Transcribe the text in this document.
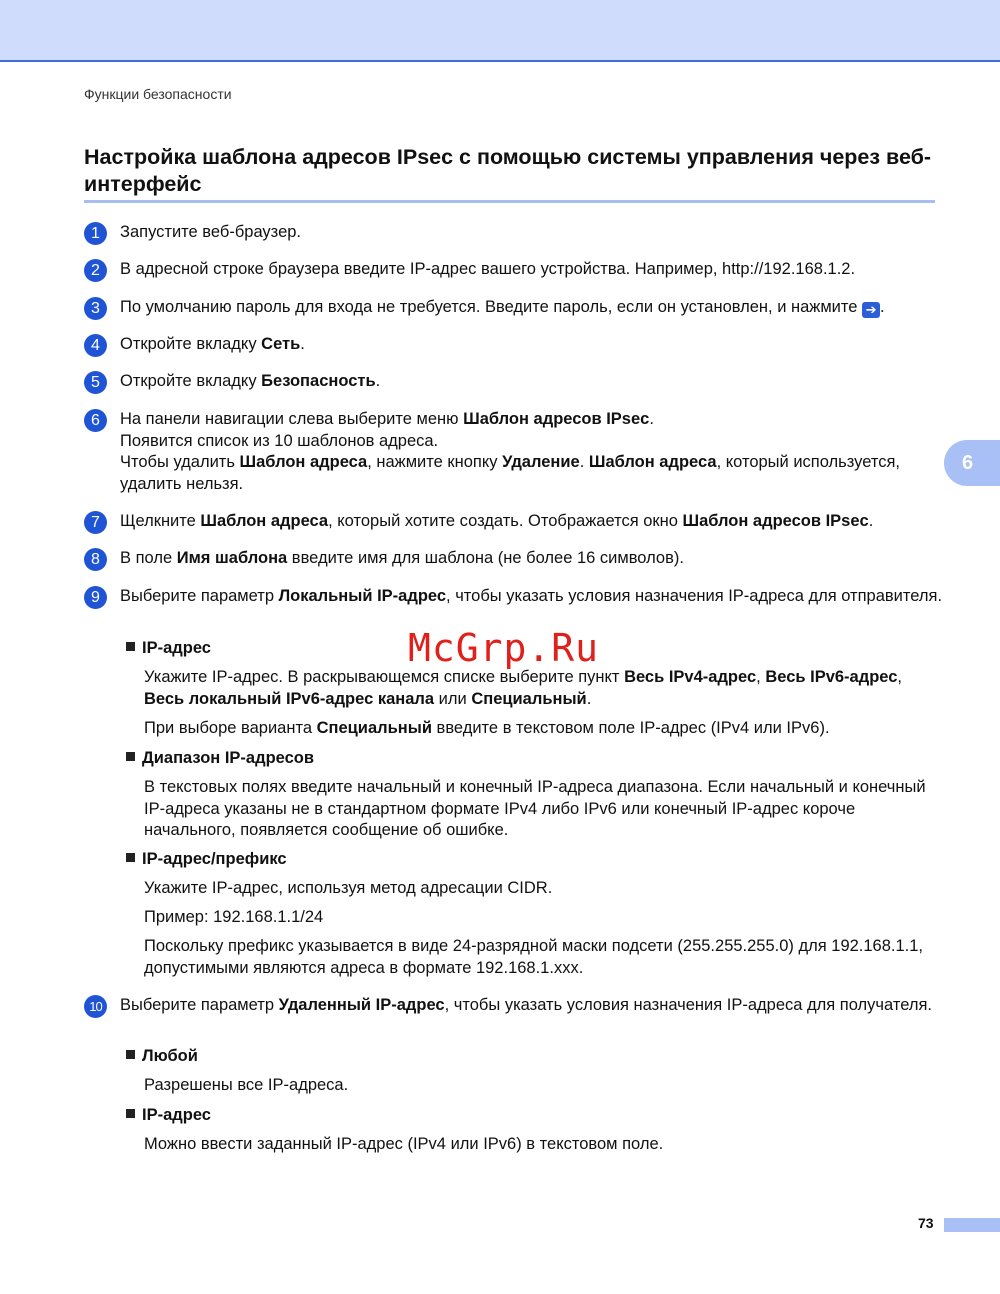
Функции безопасности
Настройка шаблона адресов IPsec с помощью системы управления через веб-интерфейс
6
1	Запустите веб-браузер.

2	В адресной строке браузера введите IP-адрес вашего устройства. Например, http://192.168.1.2.

3	По умолчанию пароль для входа не требуется. Введите пароль, если он установлен, и нажмите ➔ .

4	Откройте вкладку Сеть.

5	Откройте вкладку Безопасность.

6	На панели навигации слева выберите меню Шаблон адресов IPsec.

Появится список из 10 шаблонов адреса.

Чтобы удалить Шаблон адреса, нажмите кнопку Удаление. Шаблон адреса, который используется, удалить нельзя.

7	Щелкните Шаблон адреса, который хотите создать. Отображается окно Шаблон адресов IPsec.

8	В поле Имя шаблона введите имя для шаблона (не более 16 символов).

9	Выберите параметр Локальный IP-адрес, чтобы указать условия назначения IP-адреса для отправителя.

McGrp.Ru
IP-адрес

Укажите IP-адрес. В раскрывающемся списке выберите пункт Весь IPv4-адрес, Весь IPv6-адрес, Весь локальный IPv6-адрес канала или Специальный.

При выборе варианта Специальный введите в текстовом поле IP-адрес (IPv4 или IPv6).

Диапазон IP-адресов

В текстовых полях введите начальный и конечный IP-адреса диапазона. Если начальный и конечный IP-адреса указаны не в стандартном формате IPv4 либо IPv6 или конечный IP-адрес короче начального, появляется сообщение об ошибке.

IP-адрес/префикс

Укажите IP-адрес, используя метод адресации CIDR.

Пример: 192.168.1.1/24

Поскольку префикс указывается в виде 24-разрядной маски подсети (255.255.255.0) для 192.168.1.1, допустимыми являются адреса в формате 192.168.1.xxx.

10	Выберите параметр Удаленный IP-адрес, чтобы указать условия назначения IP-адреса для получателя.

Любой

Разрешены все IP-адреса.

IP-адрес

Можно ввести заданный IP-адрес (IPv4 или IPv6) в текстовом поле.

73
